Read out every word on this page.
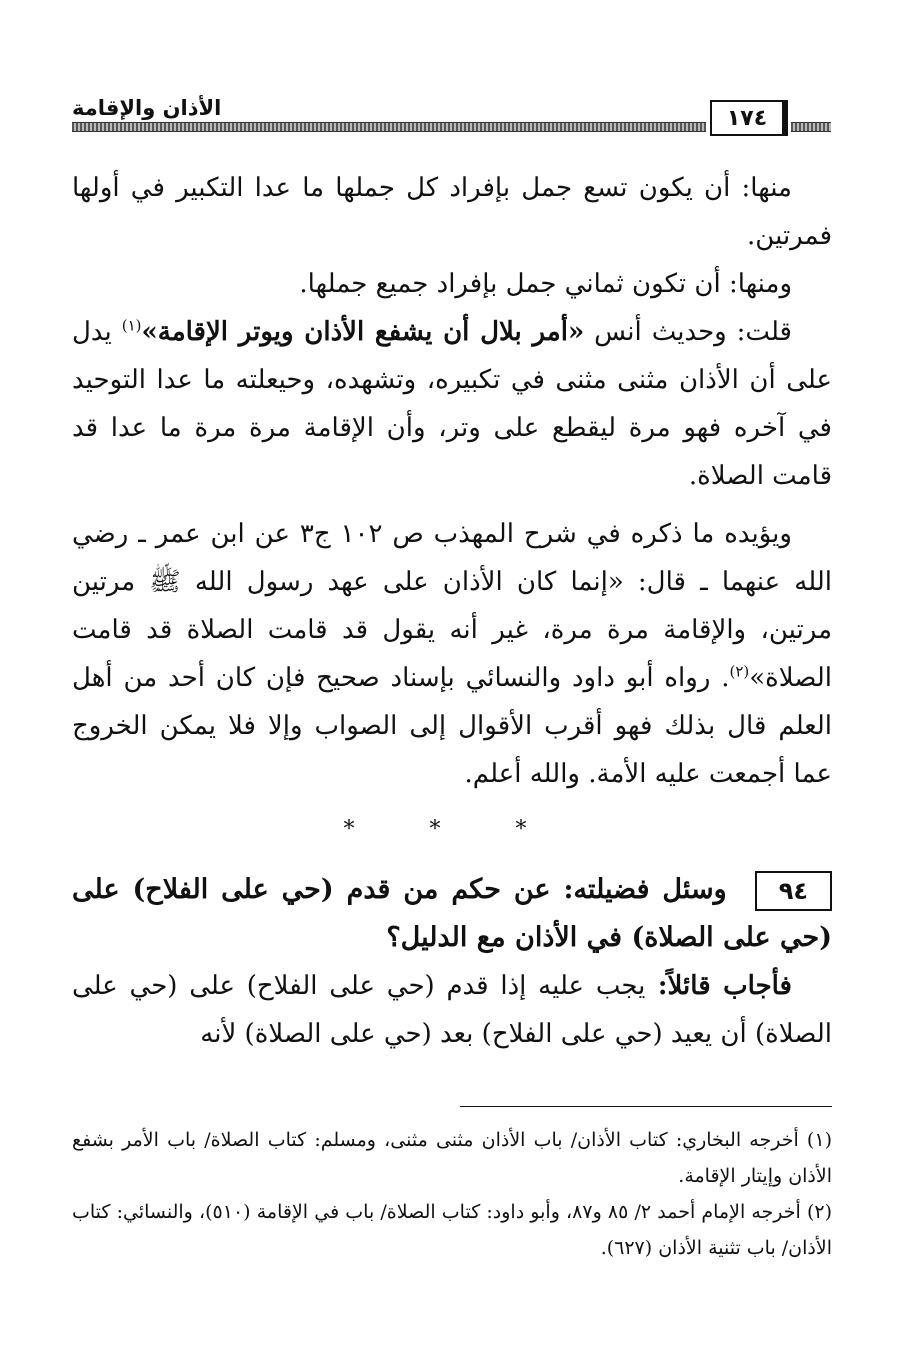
الأذان والإقامة	١٧٤

منها: أن يكون تسع جمل بإفراد كل جملها ما عدا التكبير في أولها فمرتين.

ومنها: أن تكون ثماني جمل بإفراد جميع جملها.

قلت: وحديث أنس «أمر بلال أن يشفع الأذان ويوتر الإقامة»$^{(١)}$ يدل على أن الأذان مثنى مثنى في تكبيره، وتشهده، وحيعلته ما عدا التوحيد في آخره فهو مرة ليقطع على وتر، وأن الإقامة مرة مرة ما عدا قد قامت الصلاة.

ويؤيده ما ذكره في شرح المهذب ص ١٠٢ ج٣ عن ابن عمر ـ رضي الله عنهما ـ قال: «إنما كان الأذان على عهد رسول الله ﷺ مرتين مرتين، والإقامة مرة مرة، غير أنه يقول قد قامت الصلاة قد قامت الصلاة»$^{(٢)}$. رواه أبو داود والنسائي بإسناد صحيح فإن كان أحد من أهل العلم قال بذلك فهو أقرب الأقوال إلى الصواب وإلا فلا يمكن الخروج عما أجمعت عليه الأمة. والله أعلم.

* * *

٩٤وسئل فضيلته: عن حكم من قدم (حي على الفلاح) على (حي على الصلاة) في الأذان مع الدليل؟

فأجاب قائلاً: يجب عليه إذا قدم (حي على الفلاح) على (حي على الصلاة) أن يعيد (حي على الفلاح) بعد (حي على الصلاة) لأنه

(١) أخرجه البخاري: كتاب الأذان/ باب الأذان مثنى مثنى، ومسلم: كتاب الصلاة/ باب الأمر بشفع الأذان وإيتار الإقامة.

(٢) أخرجه الإمام أحمد ٢/ ٨٥ و٨٧، وأبو داود: كتاب الصلاة/ باب في الإقامة (٥١٠)، والنسائي: كتاب الأذان/ باب تثنية الأذان (٦٢٧).
